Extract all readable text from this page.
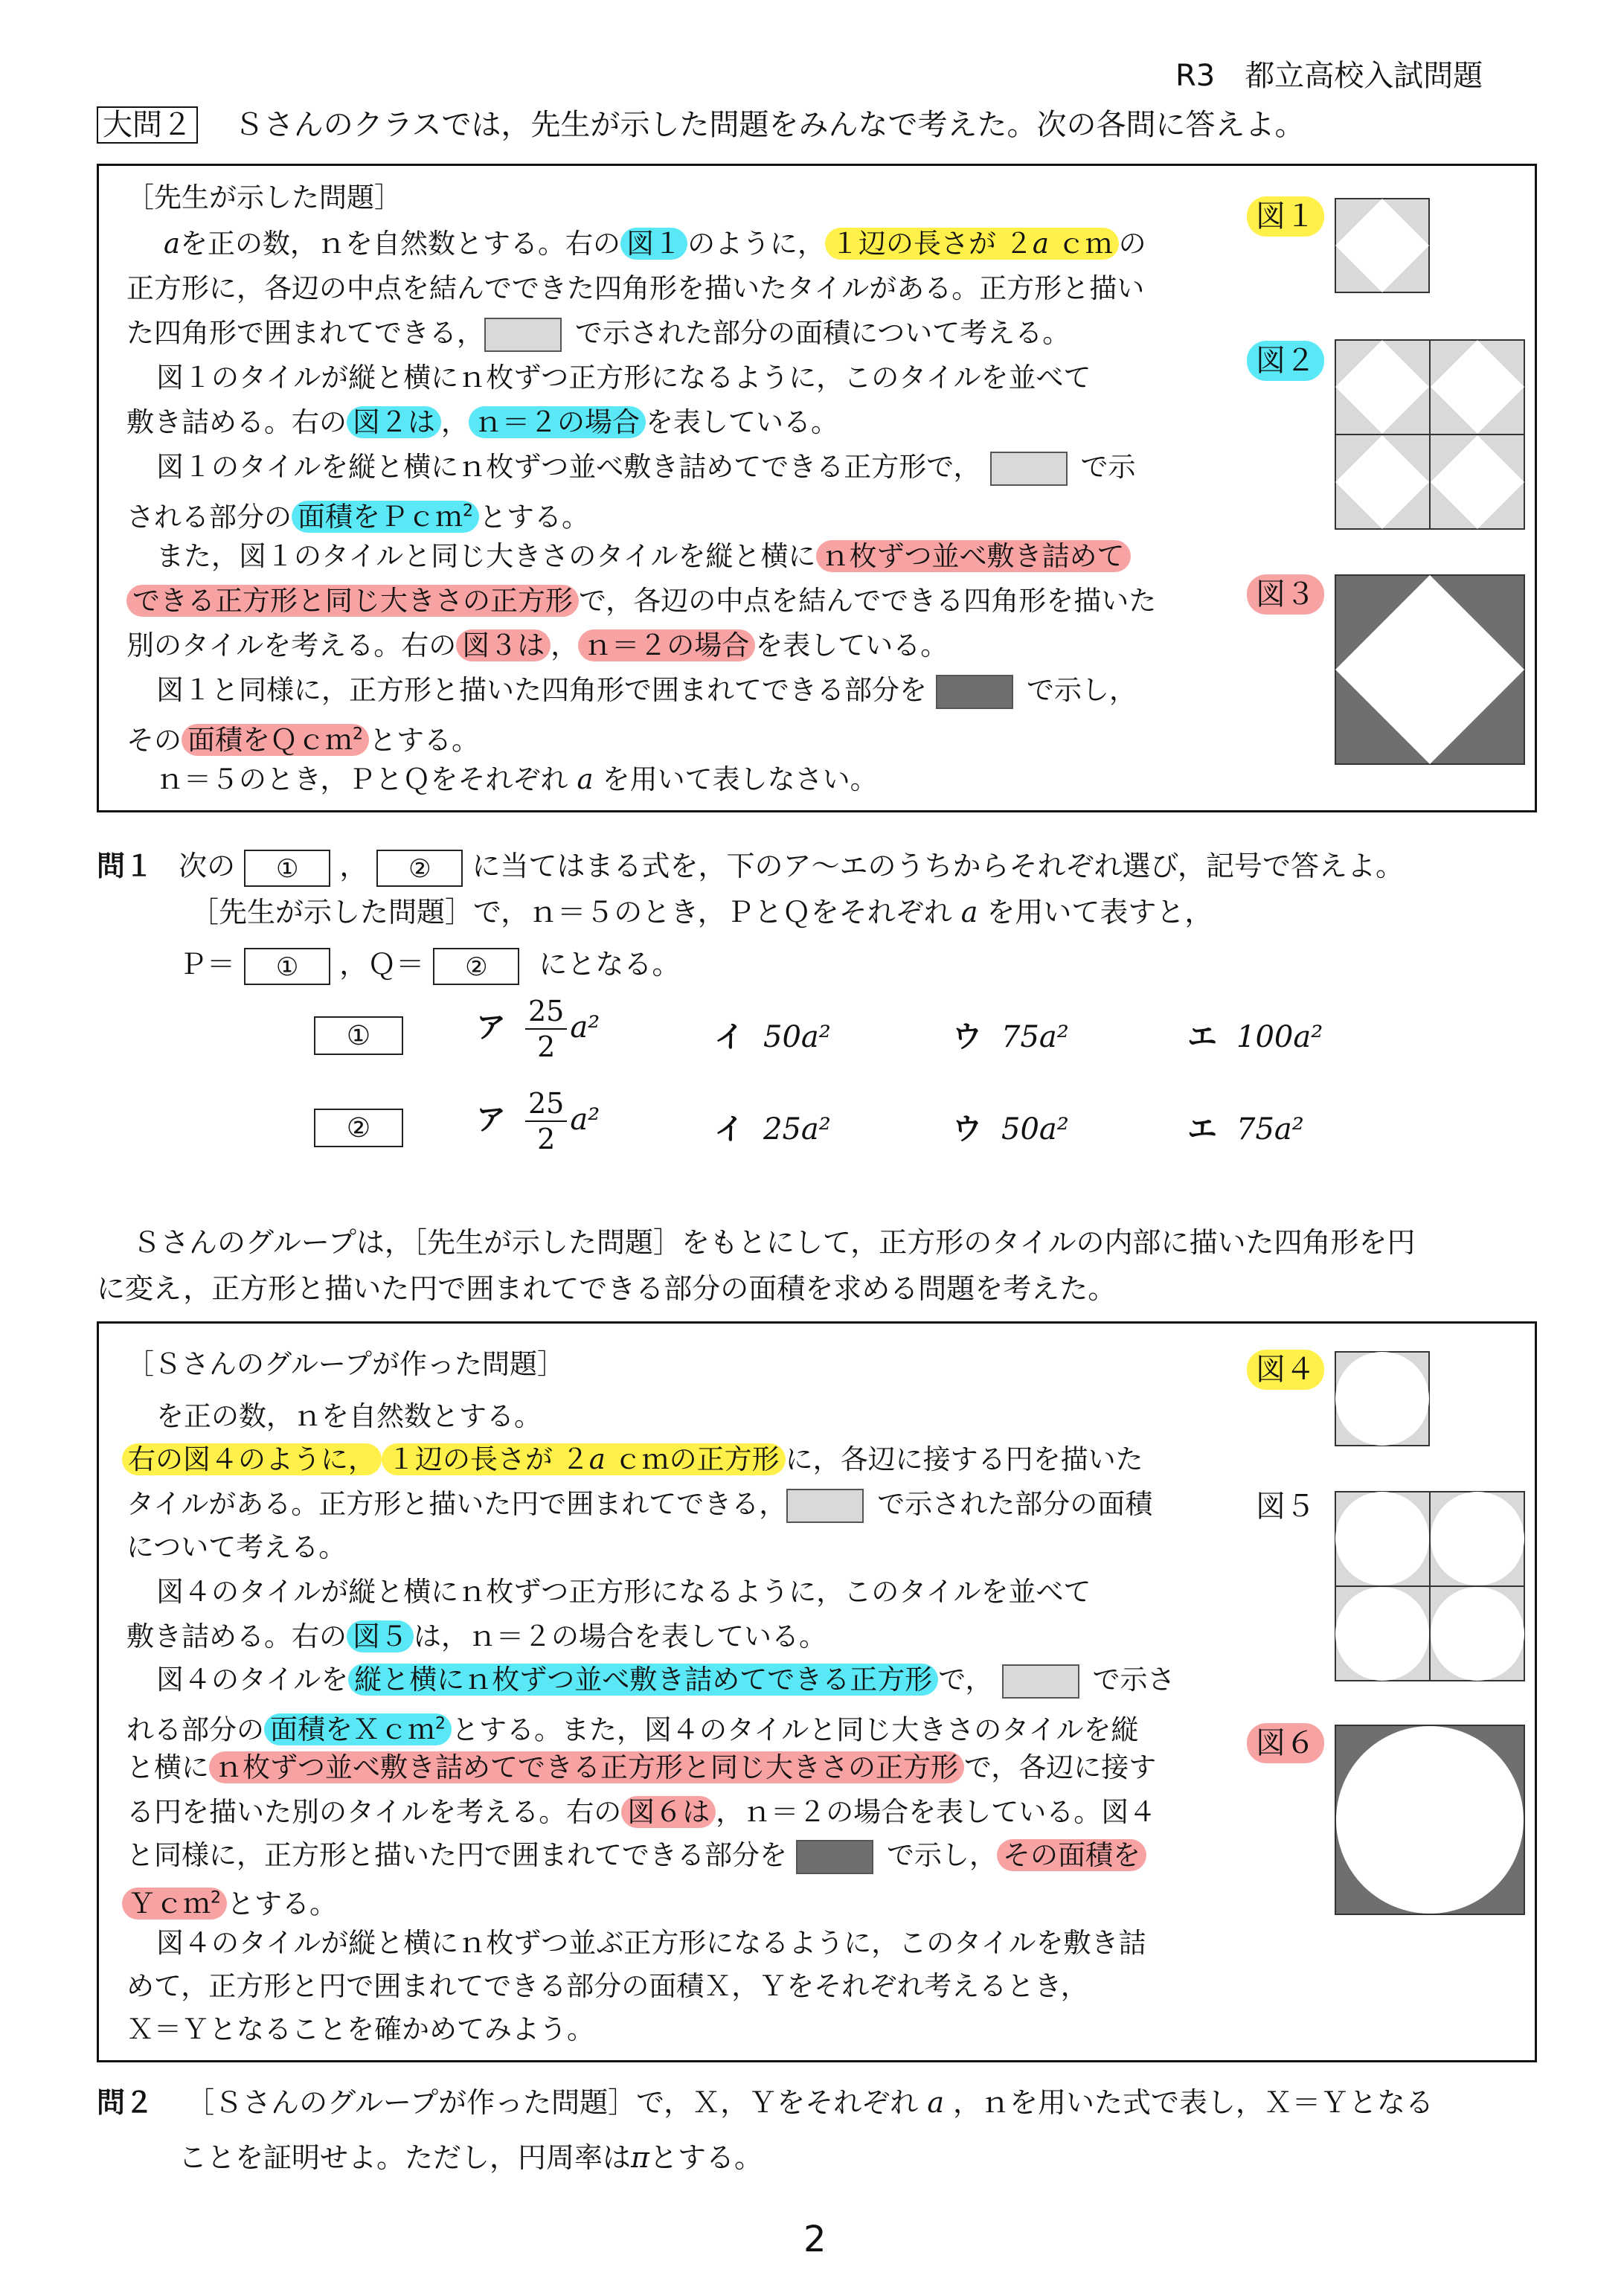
R3　都立高校入試問題
大問２ Ｓさんのクラスでは，先生が示した問題をみんなで考えた。次の各問に答えよ。
［先生が示した問題］
aを正の数，ｎを自然数とする。右の 図１ のように， １辺の長さが ２a ｃｍ の
正方形に，各辺の中点を結んでできた四角形を描いたタイルがある。正方形と描い
た四角形で囲まれてできる，	で示された部分の面積について考える。
図１のタイルが縦と横にｎ枚ずつ正方形になるように，このタイルを並べて
敷き詰める。右の 図２は ， ｎ＝２の場合 を表している。
図１のタイルを縦と横にｎ枚ずつ並べ敷き詰めてできる正方形で，	で示
される部分の 面積をＰｃｍ$^2$ とする。
また，図１のタイルと同じ大きさのタイルを縦と横に ｎ枚ずつ並べ敷き詰めて
できる正方形と同じ大きさの正方形 で，各辺の中点を結んでできる四角形を描いた
別のタイルを考える。右の 図３は ， ｎ＝２の場合 を表している。
図１と同様に，正方形と描いた四角形で囲まれてできる部分を	で示し，
その 面積をＱｃｍ$^2$ とする。
ｎ＝５のとき，ＰとＱをそれぞれ a を用いて表しなさい。
図１
図２
図３
問１ 次の ① ， ② に当てはまる式を，下のア～エのうちからそれぞれ選び，記号で答えよ。
［先生が示した問題］で，ｎ＝５のとき，ＰとＱをそれぞれ a を用いて表すと，
Ｐ＝ ① ，Ｑ＝ ② にとなる。
①	ア $\frac{25}{2} a^2$	イ 50a²	ウ 75a²	エ 100a²
②	ア $\frac{25}{2} a^2$	イ 25a²	ウ 50a²	エ 75a²
Ｓさんのグループは，［先生が示した問題］をもとにして，正方形のタイルの内部に描いた四角形を円
に変え，正方形と描いた円で囲まれてできる部分の面積を求める問題を考えた。
［Ｓさんのグループが作った問題］
を正の数，ｎを自然数とする。
右の図４のように， １辺の長さが ２a ｃｍの正方形 に，各辺に接する円を描いた
タイルがある。正方形と描いた円で囲まれてできる，	で示された部分の面積
について考える。
図４のタイルが縦と横にｎ枚ずつ正方形になるように，このタイルを並べて
敷き詰める。右の 図５ は，ｎ＝２の場合を表している。
図４のタイルを 縦と横にｎ枚ずつ並べ敷き詰めてできる正方形 で，	で示さ
れる部分の 面積をＸｃｍ$^2$ とする。また，図４のタイルと同じ大きさのタイルを縦
と横に ｎ枚ずつ並べ敷き詰めてできる正方形と同じ大きさの正方形 で，各辺に接す
る円を描いた別のタイルを考える。右の 図６は ，ｎ＝２の場合を表している。図４
と同様に，正方形と描いた円で囲まれてできる部分を	で示し， その面積を
Ｙｃｍ$^2$ とする。
図４のタイルが縦と横にｎ枚ずつ並ぶ正方形になるように，このタイルを敷き詰
めて，正方形と円で囲まれてできる部分の面積Ｘ，Ｙをそれぞれ考えるとき，
Ｘ＝Ｙとなることを確かめてみよう。
図４
図５
図６
問２ ［Ｓさんのグループが作った問題］で，Ｘ，Ｙをそれぞれ a ，ｎを用いた式で表し，Ｘ＝Ｙとなる
ことを証明せよ。ただし，円周率はπとする。
2
